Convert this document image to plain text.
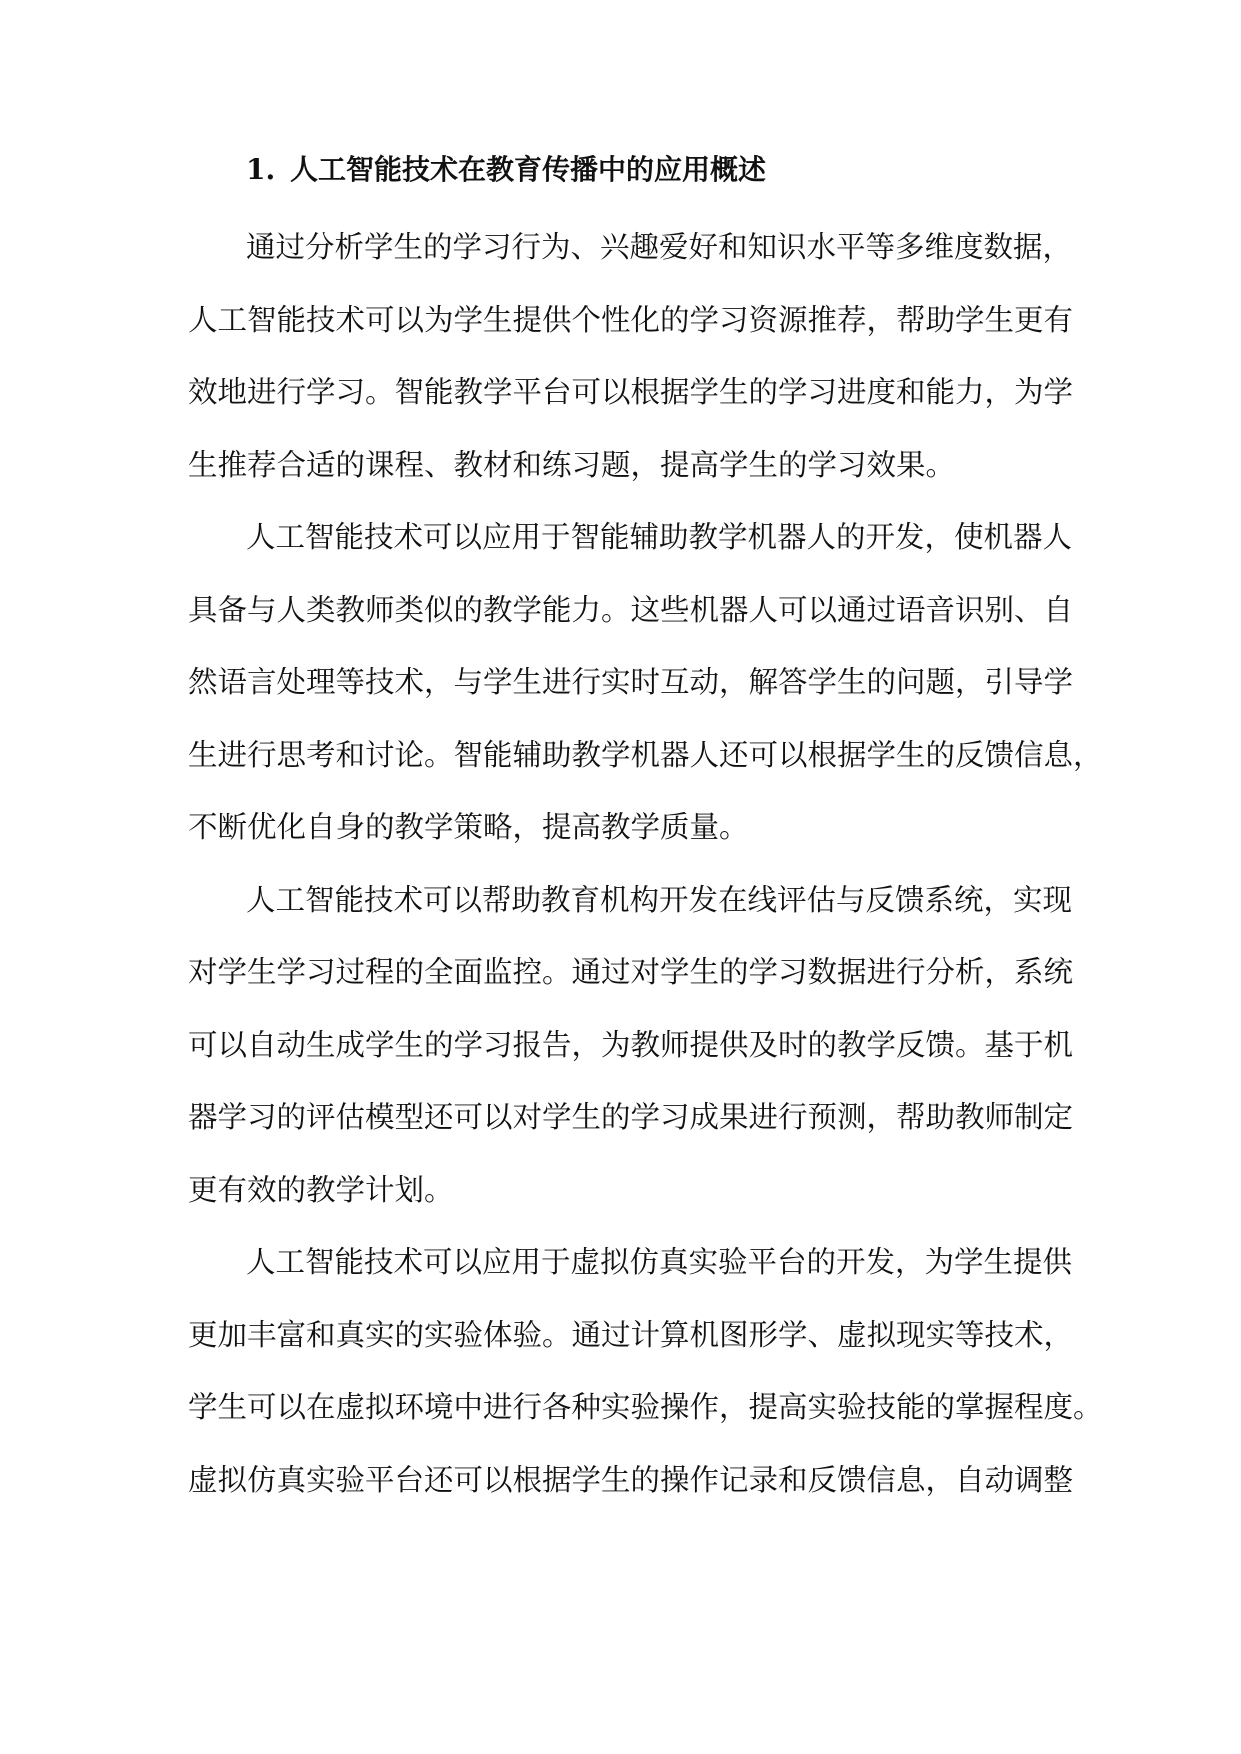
1. 人工智能技术在教育传播中的应用概述

通过分析学生的学习行为、兴趣爱好和知识水平等多维度数据，
人工智能技术可以为学生提供个性化的学习资源推荐，帮助学生更有
效地进行学习。智能教学平台可以根据学生的学习进度和能力，为学
生推荐合适的课程、教材和练习题，提高学生的学习效果。

人工智能技术可以应用于智能辅助教学机器人的开发，使机器人
具备与人类教师类似的教学能力。这些机器人可以通过语音识别、自
然语言处理等技术，与学生进行实时互动，解答学生的问题，引导学
生进行思考和讨论。智能辅助教学机器人还可以根据学生的反馈信息，
不断优化自身的教学策略，提高教学质量。

人工智能技术可以帮助教育机构开发在线评估与反馈系统，实现
对学生学习过程的全面监控。通过对学生的学习数据进行分析，系统
可以自动生成学生的学习报告，为教师提供及时的教学反馈。基于机
器学习的评估模型还可以对学生的学习成果进行预测，帮助教师制定
更有效的教学计划。

人工智能技术可以应用于虚拟仿真实验平台的开发，为学生提供
更加丰富和真实的实验体验。通过计算机图形学、虚拟现实等技术，
学生可以在虚拟环境中进行各种实验操作，提高实验技能的掌握程度。
虚拟仿真实验平台还可以根据学生的操作记录和反馈信息，自动调整
